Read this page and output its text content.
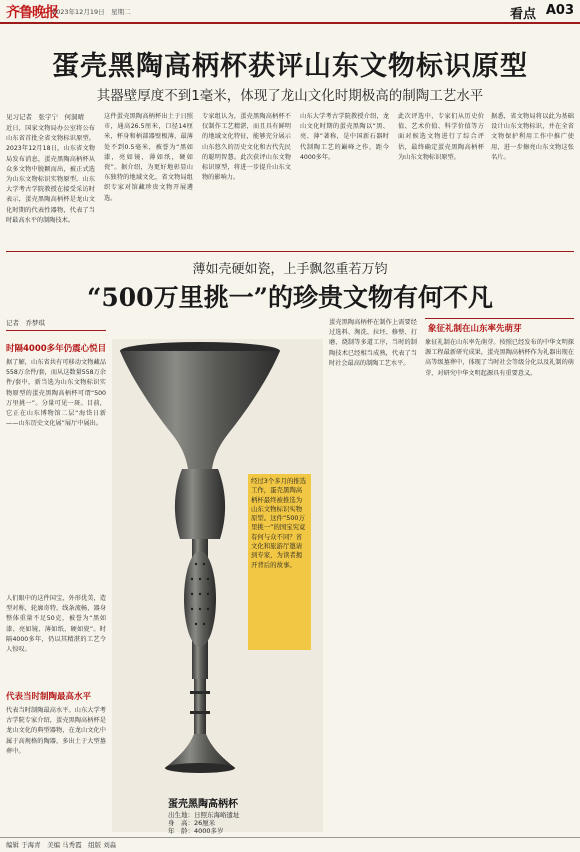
齐鲁晚报
2023年12月19日　星期二	看点 A03
蛋壳黑陶高柄杯获评山东文物标识原型
其器壁厚度不到1毫米，体现了龙山文化时期极高的制陶工艺水平
见习记者　张宇宁　何洞晴
近日，国家文物局办公室将公布山东省首批全省文物标识原型。2023年12月18日，山东省文物局发布消息，蛋壳黑陶高柄杯从众多文物中脱颖而出，被正式选为山东文物标识实物原型。山东大学考古学院教授在接受采访时表示，蛋壳黑陶高柄杯是龙山文化时期的代表性器物，代表了当时最高水平的制陶技术。
这件蛋壳黑陶高柄杯出土于日照市，通高26.5厘米，口径14厘米，杯身和柄部器壁极薄，最薄处不到0.5毫米，被誉为“黑如漆，亮如镜，薄如纸，硬如瓷”。据介绍，为更好地彰显山东独特的地域文化，省文物局组织专家对馆藏珍贵文物开展遴选。
专家组认为，蛋壳黑陶高柄杯不仅制作工艺精湛，而且具有鲜明的地域文化特征，能够充分展示山东悠久的历史文化和古代先民的聪明智慧。此次获评山东文物标识原型，将进一步提升山东文物的影响力。
山东大学考古学院教授介绍，龙山文化时期的蛋壳黑陶以“黑、亮、薄”著称，是中国新石器时代制陶工艺的巅峰之作，距今4000多年。
此次评选中，专家们从历史价值、艺术价值、科学价值等方面对候选文物进行了综合评估，最终确定蛋壳黑陶高柄杯为山东文物标识原型。
据悉，省文物局将以此为基础设计山东文物标识，并在全省文物保护利用工作中推广使用，进一步擦亮山东文物这张名片。
薄如壳硬如瓷，上手飘忽重若万钧
“500万里挑一”的珍贵文物有何不凡
记者　乔梦琪
时隔4000多年仍震心悦目
据了解，山东省共有可移动文物藏品558万余件/套，而从这数量558万余件/套中，新当选为山东文物标识实物原型的蛋壳黑陶高柄杯可谓“500万里挑一”。分量可见一斑。目前，它正在山东博物馆二层“海岱日新——山东历史文化展”展厅中展出。
人们眼中的这件国宝，外形优美，造型对称，轮廓奇特，线条流畅，器身整体重量不足50克，被誉为“黑如漆、亮如镜、薄如纸、硬如瓷”。时隔4000多年，仍以其精湛的工艺令人惊叹。
代表当时制陶最高水平
代表当时制陶最高水平。山东大学考古学院专家介绍，蛋壳黑陶高柄杯是龙山文化的典型器物，在龙山文化中属于高规格的陶器，多出土于大型墓葬中。
经过3个多月的推选工作，蛋壳黑陶高柄杯最终被推选为山东文物标识实物原型。这件“500万里挑一”的国宝究竟有何与众不同？省文化和旅游厅邀请到专家，为读者揭开背后的故事。
蛋壳黑陶高柄杯
出生地：日照东海峪遗址
身　高：26厘米
年　龄：4000多岁
蛋壳黑陶高柄杯在制作上需要经过选料、淘洗、拉坯、修整、打磨、烧制等多道工序，当时的制陶技术已经相当成熟，代表了当时社会最高的制陶工艺水平。
象征礼制在山东率先萌芽
象征礼制在山东率先萌芽。按照已经发布的中华文明探源工程最新研究成果，蛋壳黑陶高柄杯作为礼器出现在高等级墓葬中，体现了当时社会等级分化以及礼制的萌芽，对研究中华文明起源具有重要意义。
编辑 于海青　美编 马秀霞　组版 刘淼
